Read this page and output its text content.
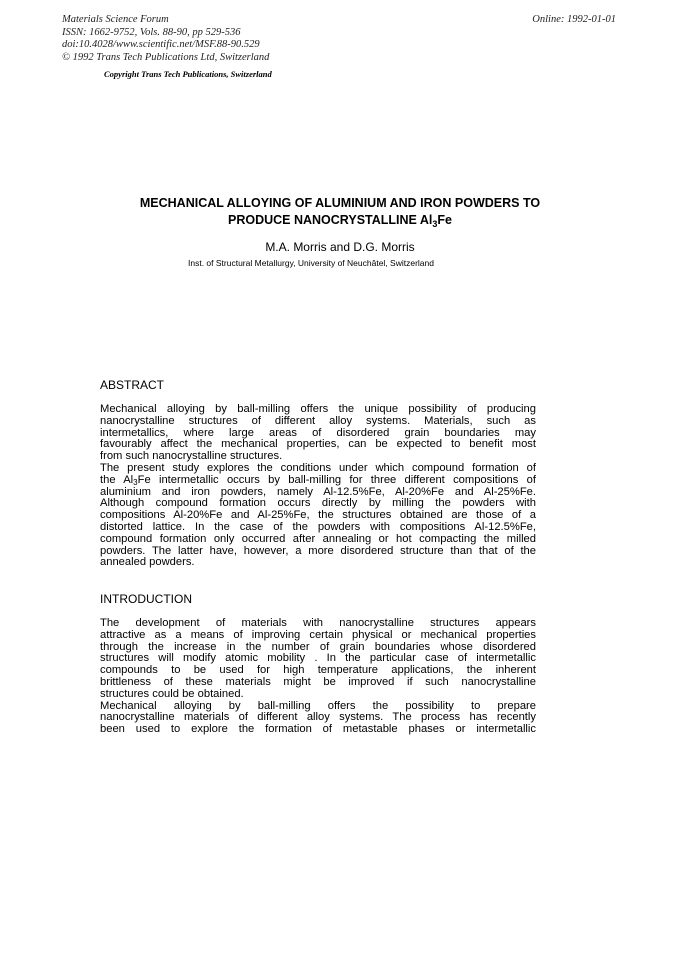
Materials Science Forum
ISSN: 1662-9752, Vols. 88-90, pp 529-536
doi:10.4028/www.scientific.net/MSF.88-90.529
© 1992 Trans Tech Publications Ltd, Switzerland
Online: 1992-01-01
Copyright Trans Tech Publications, Switzerland
MECHANICAL ALLOYING OF ALUMINIUM AND IRON POWDERS TO
PRODUCE NANOCRYSTALLINE $Al_3Fe$
M.A. Morris and D.G. Morris
Inst. of Structural Metallurgy, University of Neuchâtel, Switzerland
ABSTRACT
Mechanical alloying by ball-milling offers the unique possibility of producing
nanocrystalline structures of different alloy systems. Materials, such as
intermetallics, where large areas of disordered grain boundaries may
favourably affect the mechanical properties, can be expected to benefit most
from such nanocrystalline structures.
The present study explores the conditions under which compound formation of
the $Al_3Fe$ intermetallic occurs by ball-milling for three different compositions of
aluminium and iron powders, namely Al-12.5%Fe, Al-20%Fe and Al-25%Fe.
Although compound formation occurs directly by milling the powders with
compositions Al-20%Fe and Al-25%Fe, the structures obtained are those of a
distorted lattice. In the case of the powders with compositions Al-12.5%Fe,
compound formation only occurred after annealing or hot compacting the milled
powders. The latter have, however, a more disordered structure than that of the
annealed powders.
INTRODUCTION
The development of materials with nanocrystalline structures appears
attractive as a means of improving certain physical or mechanical properties
through the increase in the number of grain boundaries whose disordered
structures will modify atomic mobility . In the particular case of intermetallic
compounds to be used for high temperature applications, the inherent
brittleness of these materials might be improved if such nanocrystalline
structures could be obtained.
Mechanical alloying by ball-milling offers the possibility to prepare
nanocrystalline materials of different alloy systems. The process has recently
been used to explore the formation of metastable phases or intermetallic
